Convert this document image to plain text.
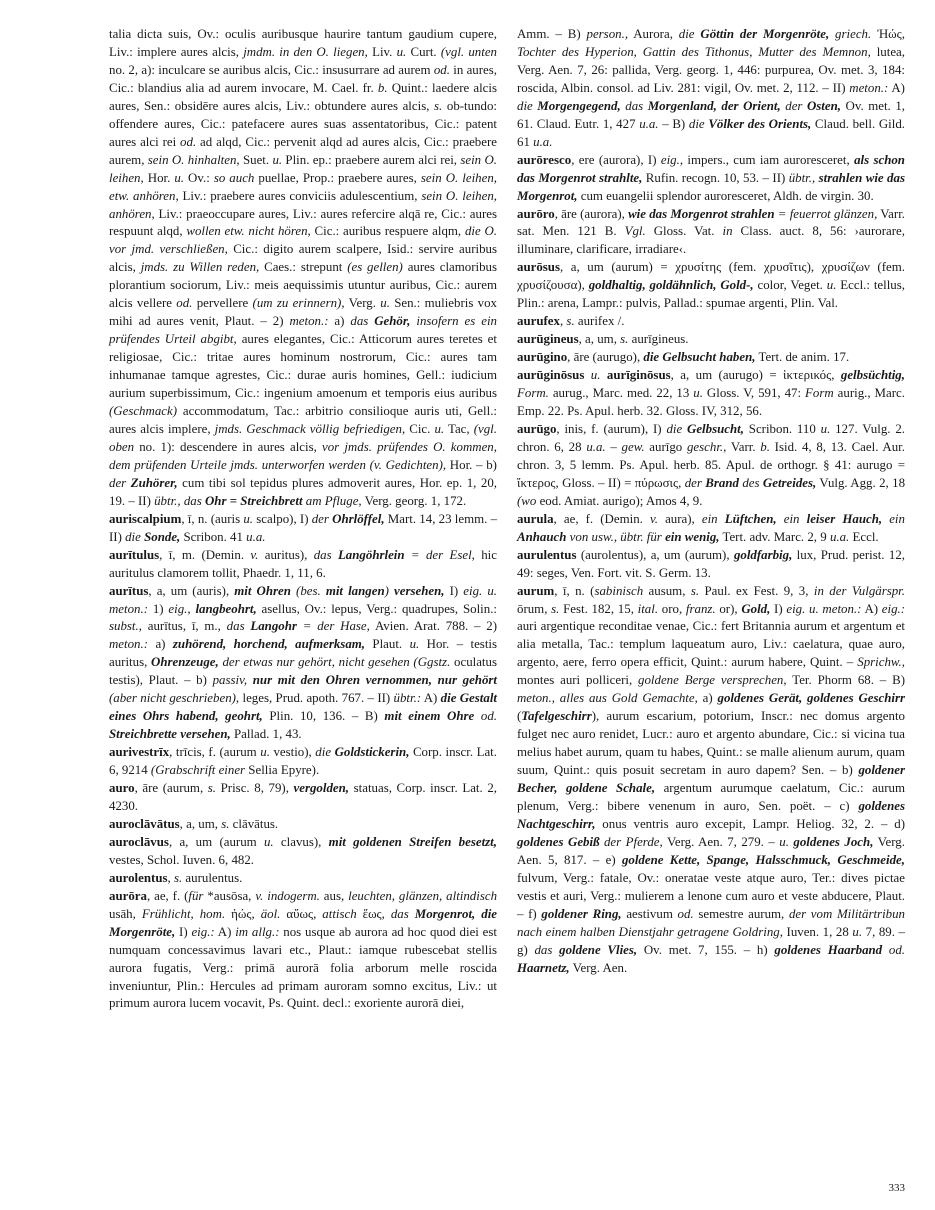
talia dicta suis, Ov.: oculis auribusque haurire tantum gaudium cupere, Liv.: implere aures alcis, jmdm. in den O. liegen, Liv. u. Curt. (vgl. unten no. 2, a): inculcare se auribus alcis, Cic.: insusurrare ad aurem od. in aures, Cic.: blandius alia ad aurem invocare, M. Cael. fr. b. Quint.: laedere alcis aures, Sen.: obsidēre aures alcis, Liv.: obtundere aures alcis, s. ob-tundo: offendere aures, Cic.: patefacere aures suas assentatoribus, Cic.: patent aures alci rei od. ad alqd, Cic.: pervenit alqd ad aures alcis, Cic.: praebere aurem, sein O. hinhalten, Suet. u. Plin. ep.: praebere aurem alci rei, sein O. leihen, Hor. u. Ov.: so auch puellae, Prop.: praebere aures, sein O. leihen, etw. anhören, Liv.: praebere aures conviciis adulescentium, sein O. leihen, anhören, Liv.: praeoccupare aures, Liv.: aures refercire alqā re, Cic.: aures respuunt alqd, wollen etw. nicht hören, Cic.: auribus respuere alqm, die O. vor jmd. verschließen, Cic.: digito aurem scalpere, Isid.: servire auribus alcis, jmds. zu Willen reden, Caes.: strepunt (es gellen) aures clamoribus plorantium sociorum, Liv.: meis aequissimis utuntur auribus, Cic.: aurem alcis vellere od. pervellere (um zu erinnern), Verg. u. Sen.: muliebris vox mihi ad aures venit, Plaut. – 2) meton.: a) das Gehör, insofern es ein prüfendes Urteil abgibt, aures elegantes, Cic.: Atticorum aures teretes et religiosae, Cic.: tritae aures hominum nostrorum, Cic.: aures tam inhumanae tamque agrestes, Cic.: durae auris homines, Gell.: iudicium aurium superbissimum, Cic.: ingenium amoenum et temporis eius auribus (Geschmack) accommodatum, Tac.: arbitrio consilioque auris uti, Gell.: aures alcis implere, jmds. Geschmack völlig befriedigen, Cic. u. Tac, (vgl. oben no. 1): descendere in aures alcis, vor jmds. prüfendes O. kommen, dem prüfenden Urteile jmds. unterworfen werden (v. Gedichten), Hor. – b) der Zuhörer, cum tibi sol tepidus plures admoverit aures, Hor. ep. 1, 20, 19. – II) übtr., das Ohr = Streichbrett am Pfluge, Verg. georg. 1, 172.

auriscalpium, ī, n. (auris u. scalpo), I) der Ohrlöffel, Mart. 14, 23 lemm. – II) die Sonde, Scribon. 41 u.a.

aurītulus, ī, m. (Demin. v. auritus), das Langöhrlein = der Esel, hic auritulus clamorem tollit, Phaedr. 1, 11, 6.

aurītus, a, um (auris), mit Ohren (bes. mit langen) versehen, I) eig. u. meton.: 1) eig., langbeohrt, asellus, Ov.: lepus, Verg.: quadrupes, Solin.: subst., aurītus, ī, m., das Langohr = der Hase, Avien. Arat. 788. – 2) meton.: a) zuhörend, horchend, aufmerksam, Plaut. u. Hor. – testis auritus, Ohrenzeuge, der etwas nur gehört, nicht gesehen (Ggstz. oculatus testis), Plaut. – b) passiv, nur mit den Ohren vernommen, nur gehört (aber nicht geschrieben), leges, Prud. apoth. 767. – II) übtr.: A) die Gestalt eines Ohrs habend, geohrt, Plin. 10, 136. – B) mit einem Ohre od. Streichbrette versehen, Pallad. 1, 43.

aurivestrīx, trīcis, f. (aurum u. vestio), die Goldstickerin, Corp. inscr. Lat. 6, 9214 (Grabschrift einer Sellia Epyre).

auro, āre (aurum, s. Prisc. 8, 79), vergolden, statuas, Corp. inscr. Lat. 2, 4230.

auroclāvātus, a, um, s. clāvātus.

auroclāvus, a, um (aurum u. clavus), mit goldenen Streifen besetzt, vestes, Schol. Iuven. 6, 482.

aurolentus, s. aurulentus.

aurōra, ae, f. (für *ausōsa, v. indogerm. aus, leuchten, glänzen, altindisch usāh, Frühlicht, hom. ἠώς, äol. αὔως, attisch ἕως, das Morgenrot, die Morgenröte, I) eig.: A) im allg.: nos usque ab aurora ad hoc quod diei est numquam concessavimus lavari etc., Plaut.: iamque rubescebat stellis aurora fugatis, Verg.: primā aurorā folia arborum melle roscida inveniuntur, Plin.: Hercules ad primam auroram somno excitus, Liv.: ut primum aurora lucem vocavit, Ps. Quint. decl.: exoriente aurorā diei,

Amm. – B) person., Aurora, die Göttin der Morgenröte, griech. Ἠώς, Tochter des Hyperion, Gattin des Tithonus, Mutter des Memnon, lutea, Verg. Aen. 7, 26: pallida, Verg. georg. 1, 446: purpurea, Ov. met. 3, 184: roscida, Albin. consol. ad Liv. 281: vigil, Ov. met. 2, 112. – II) meton.: A) die Morgengegend, das Morgenland, der Orient, der Osten, Ov. met. 1, 61. Claud. Eutr. 1, 427 u.a. – B) die Völker des Orients, Claud. bell. Gild. 61 u.a.

aurōresco, ere (aurora), I) eig., impers., cum iam auroresceret, als schon das Morgenrot strahlte, Rufin. recogn. 10, 53. – II) übtr., strahlen wie das Morgenrot, cum euangelii splendor auroresceret, Aldh. de virgin. 30.

aurōro, āre (aurora), wie das Morgenrot strahlen = feuerrot glänzen, Varr. sat. Men. 121 B. Vgl. Gloss. Vat. in Class. auct. 8, 56: ›aurorare, illuminare, clarificare, irradiare‹.

aurōsus, a, um (aurum) = χρυσίτης (fem. χρυσῖτις), χρυσίζων (fem. χρυσίζουσα), goldhaltig, goldähnlich, Gold-, color, Veget. u. Eccl.: tellus, Plin.: arena, Lampr.: pulvis, Pallad.: spumae argenti, Plin. Val.

aurufex, s. aurifex /.

aurūgineus, a, um, s. aurīgineus.

aurūgino, āre (aurugo), die Gelbsucht haben, Tert. de anim. 17.

aurūginōsus u. aurīginōsus, a, um (aurugo) = ἰκτερικός, gelbsüchtig, Form. aurug., Marc. med. 22, 13 u. Gloss. V, 591, 47: Form aurig., Marc. Emp. 22. Ps. Apul. herb. 32. Gloss. IV, 312, 56.

aurūgo, inis, f. (aurum), I) die Gelbsucht, Scribon. 110 u. 127. Vulg. 2. chron. 6, 28 u.a. – gew. aurīgo geschr., Varr. b. Isid. 4, 8, 13. Cael. Aur. chron. 3, 5 lemm. Ps. Apul. herb. 85. Apul. de orthogr. § 41: aurugo = ἴκτερος, Gloss. – II) = πύρωσις, der Brand des Getreides, Vulg. Agg. 2, 18 (wo eod. Amiat. aurigo); Amos 4, 9.

aurula, ae, f. (Demin. v. aura), ein Lüftchen, ein leiser Hauch, ein Anhauch von usw., übtr. für ein wenig, Tert. adv. Marc. 2, 9 u.a. Eccl.

aurulentus (aurolentus), a, um (aurum), goldfarbig, lux, Prud. perist. 12, 49: seges, Ven. Fort. vit. S. Germ. 13.

aurum, ī, n. (sabinisch ausum, s. Paul. ex Fest. 9, 3, in der Vulgärspr. ōrum, s. Fest. 182, 15, ital. oro, franz. or), Gold, I) eig. u. meton.: A) eig.: auri argentique reconditae venae, Cic.: fert Britannia aurum et argentum et alia metalla, Tac.: templum laqueatum auro, Liv.: caelatura, quae auro, argento, aere, ferro opera efficit, Quint.: aurum habere, Quint. – Sprichw., montes auri polliceri, goldene Berge versprechen, Ter. Phorm 68. – B) meton., alles aus Gold Gemachte, a) goldenes Gerät, goldenes Geschirr (Tafelgeschirr), aurum escarium, potorium, Inscr.: nec domus argento fulget nec auro renidet, Lucr.: auro et argento abundare, Cic.: si vicina tua melius habet aurum, quam tu habes, Quint.: se malle alienum aurum, quam suum, Quint.: quis posuit secretam in auro dapem? Sen. – b) goldener Becher, goldene Schale, argentum aurumque caelatum, Cic.: aurum plenum, Verg.: bibere venenum in auro, Sen. poët. – c) goldenes Nachtgeschirr, onus ventris auro excepit, Lampr. Heliog. 32, 2. – d) goldenes Gebiß der Pferde, Verg. Aen. 7, 279. – u. goldenes Joch, Verg. Aen. 5, 817. – e) goldene Kette, Spange, Halsschmuck, Geschmeide, fulvum, Verg.: fatale, Ov.: oneratae veste atque auro, Ter.: dives pictae vestis et auri, Verg.: mulierem a lenone cum auro et veste abducere, Plaut. – f) goldener Ring, aestivum od. semestre aurum, der vom Militärtribun nach einem halben Dienstjahr getragene Goldring, Iuven. 1, 28 u. 7, 89. – g) das goldene Vlies, Ov. met. 7, 155. – h) goldenes Haarband od. Haarnetz, Verg. Aen.

333
